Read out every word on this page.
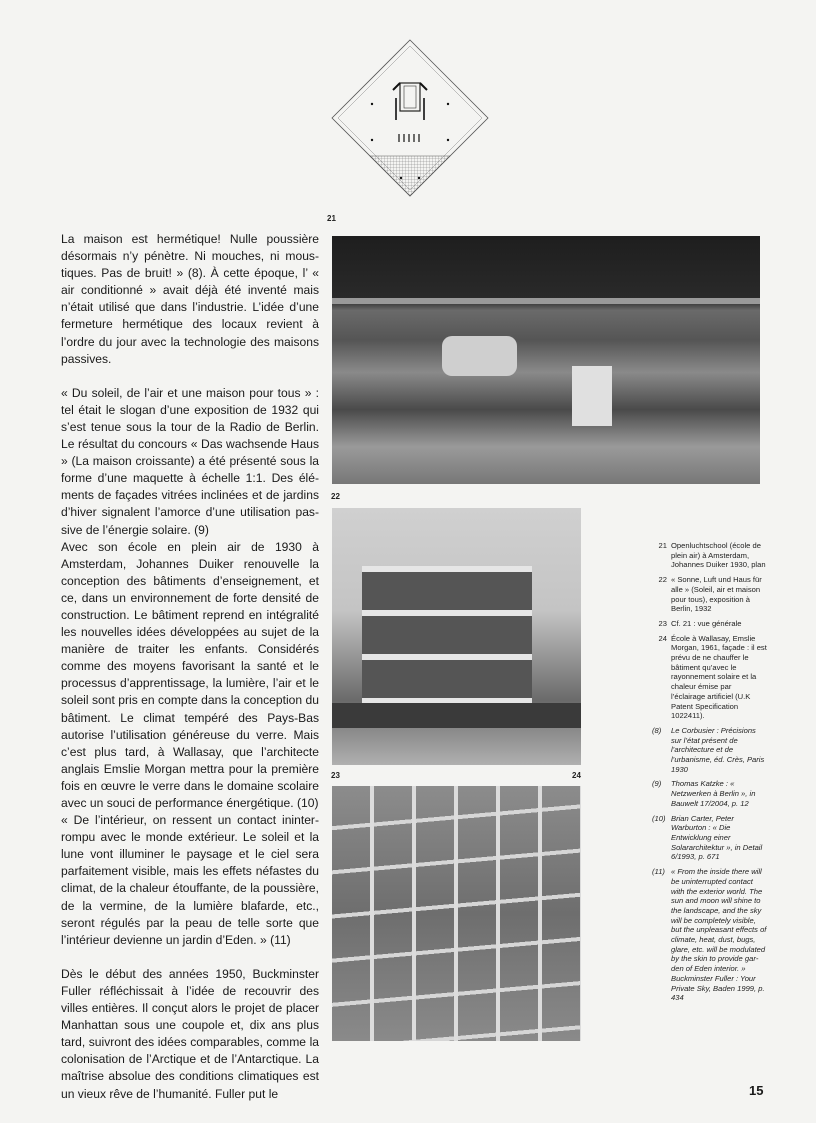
21
22
23	24

La maison est hermétique! Nulle poussière désormais n’y pénètre. Ni mouches, ni moustiques. Pas de bruit! » (8). À cette époque, l’ « air conditionné » avait déjà été inventé mais n’était utilisé que dans l’industrie. L’idée d’une fermeture hermétique des locaux revient à l’ordre du jour avec la technologie des maisons passives.

« Du soleil, de l’air et une maison pour tous » : tel était le slogan d’une exposition de 1932 qui s’est tenue sous la tour de la Radio de Berlin. Le résultat du concours « Das wachsende Haus » (La maison croissante) a été présenté sous la forme d’une maquette à échelle 1:1. Des éléments de façades vitrées inclinées et de jardins d’hiver signalent l’amorce d’une utilisation passive de l’énergie solaire. (9)

Avec son école en plein air de 1930 à Amsterdam, Johannes Duiker renouvelle la conception des bâtiments d’enseignement, et ce, dans un environnement de forte densité de construction. Le bâtiment reprend en intégralité les nouvelles idées développées au sujet de la manière de traiter les enfants. Considérés comme des moyens favorisant la santé et le processus d’apprentissage, la lumière, l’air et le soleil sont pris en compte dans la conception du bâtiment. Le climat tempéré des Pays-Bas autorise l’utilisation généreuse du verre. Mais c’est plus tard, à Wallasay, que l’architecte anglais Emslie Morgan mettra pour la première fois en œuvre le verre dans le domaine scolaire avec un souci de performance énergétique. (10)

« De l’intérieur, on ressent un contact ininterrompu avec le monde extérieur. Le soleil et la lune vont illuminer le paysage et le ciel sera parfaitement visible, mais les effets néfastes du climat, de la chaleur étouffante, de la poussière, de la vermine, de la lumière blafarde, etc., seront régulés par la peau de telle sorte que l’intérieur devienne un jardin d’Eden. » (11)

Dès le début des années 1950, Buckminster Fuller réfléchissait à l’idée de recouvrir des villes entières. Il conçut alors le projet de placer Manhattan sous une coupole et, dix ans plus tard, suivront des idées comparables, comme la colonisation de l’Arctique et de l’Antarctique. La maîtrise absolue des conditions climatiques est un vieux rêve de l’humanité. Fuller put le

21 Openluchtschool (école de plein air) à Amsterdam, Johannes Duiker 1930, plan
22 « Sonne, Luft und Haus für alle » (Soleil, air et maison pour tous), exposition à Berlin, 1932
23 Cf. 21 : vue générale
24 École à Wallasay, Emslie Morgan, 1961, façade : il est prévu de ne chauffer le bâtiment qu’avec le rayonnement solaire et la chaleur émise par l’éclairage artificiel (U.K Patent Specification 1022411).
(8)	Le Corbusier : Précisions sur l’état présent de l’architecture et de l’urbanisme, éd. Crès, Paris 1930
(9)	Thomas Katzke : « Netzwerken à Berlin », in Bauwelt 17/2004, p. 12
(10) Brian Carter, Peter Warburton : « Die Entwicklung einer Solararchitektur », in Detail 6/1993, p. 671
(11) « From the inside there will be uninterrupted contact with the exterior world. The sun and moon will shine to the landscape, and the sky will be completely visible, but the unpleasant effects of climate, heat, dust, bugs, glare, etc. will be modulated by the skin to provide garden of Eden interior. » Buckminster Fuller : Your Private Sky, Baden 1999, p. 434
15
